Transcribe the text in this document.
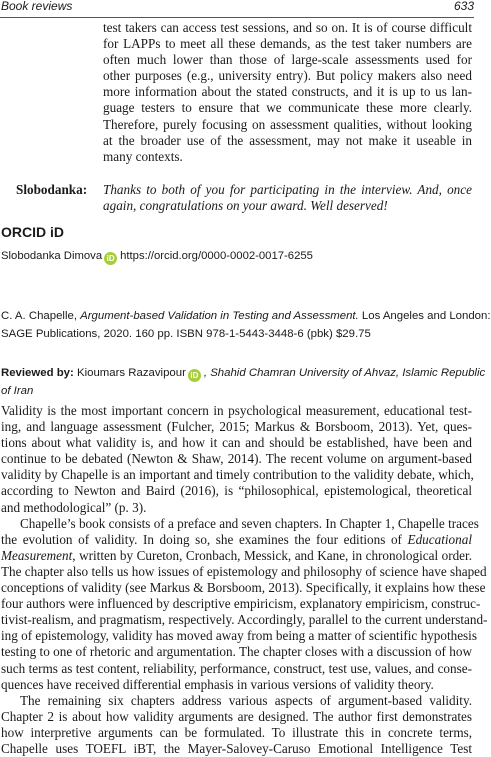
Book reviews	633
test takers can access test sessions, and so on. It is of course difficult
for LAPPs to meet all these demands, as the test taker numbers are
often much lower than those of large-scale assessments used for
other purposes (e.g., university entry). But policy makers also need
more information about the stated constructs, and it is up to us lan-
guage testers to ensure that we communicate these more clearly.
Therefore, purely focusing on assessment qualities, without looking
at the broader use of the assessment, may not make it useable in
many contexts.
Slobodanka: Thanks to both of you for participating in the interview. And, once
again, congratulations on your award. Well deserved!
ORCID iD
Slobodanka Dimova iD https://orcid.org/0000-0002-0017-6255
C. A. Chapelle, Argument-based Validation in Testing and Assessment. Los Angeles and London:
SAGE Publications, 2020. 160 pp. ISBN 978-1-5443-3448-6 (pbk) $29.75
Reviewed by: Kioumars Razavipour iD , Shahid Chamran University of Ahvaz, Islamic Republic
of Iran
Validity is the most important concern in psychological measurement, educational test-
ing, and language assessment (Fulcher, 2015; Markus & Borsboom, 2013). Yet, ques-
tions about what validity is, and how it can and should be established, have been and
continue to be debated (Newton & Shaw, 2014). The recent volume on argument-based
validity by Chapelle is an important and timely contribution to the validity debate, which,
according to Newton and Baird (2016), is “philosophical, epistemological, theoretical
and methodological” (p. 3).
Chapelle’s book consists of a preface and seven chapters. In Chapter 1, Chapelle traces
the evolution of validity. In doing so, she examines the four editions of Educational
Measurement, written by Cureton, Cronbach, Messick, and Kane, in chronological order.
The chapter also tells us how issues of epistemology and philosophy of science have shaped
conceptions of validity (see Markus & Borsboom, 2013). Specifically, it explains how these
four authors were influenced by descriptive empiricism, explanatory empiricism, construc-
tivist-realism, and pragmatism, respectively. Accordingly, parallel to the current understand-
ing of epistemology, validity has moved away from being a matter of scientific hypothesis
testing to one of rhetoric and argumentation. The chapter closes with a discussion of how
such terms as test content, reliability, performance, construct, test use, values, and conse-
quences have received differential emphasis in various versions of validity theory.
The remaining six chapters address various aspects of argument-based validity.
Chapter 2 is about how validity arguments are designed. The author first demonstrates
how interpretive arguments can be formulated. To illustrate this in concrete terms,
Chapelle uses TOEFL iBT, the Mayer-Salovey-Caruso Emotional Intelligence Test
